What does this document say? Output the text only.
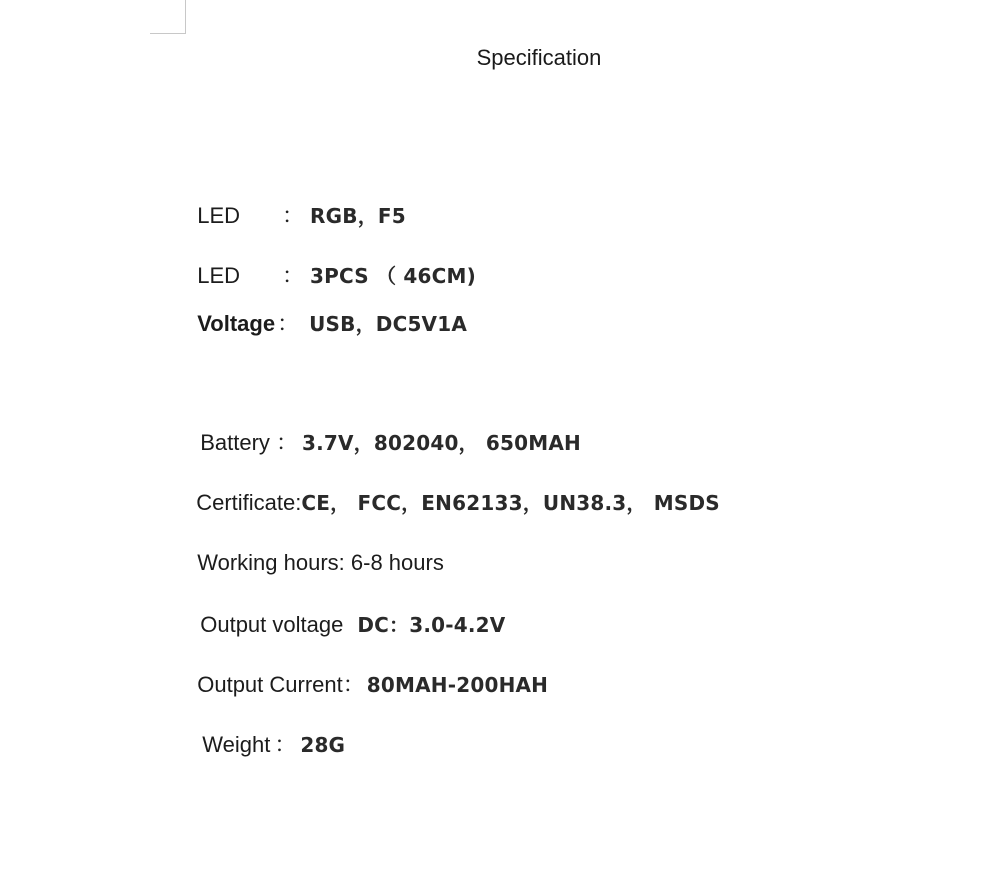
Specification

LED ： RGB，F5

LED ： 3PCS （ 46CM)

Voltage： USB，DC5V1A

Battery ： 3.7V，802040， 650MAH

Certificate:CE， FCC，EN62133，UN38.3， MSDS

Working hours: 6-8 hours

Output voltage DC：3.0-4.2V

Output Current： 80MAH-200HAH

Weight ： 28G
